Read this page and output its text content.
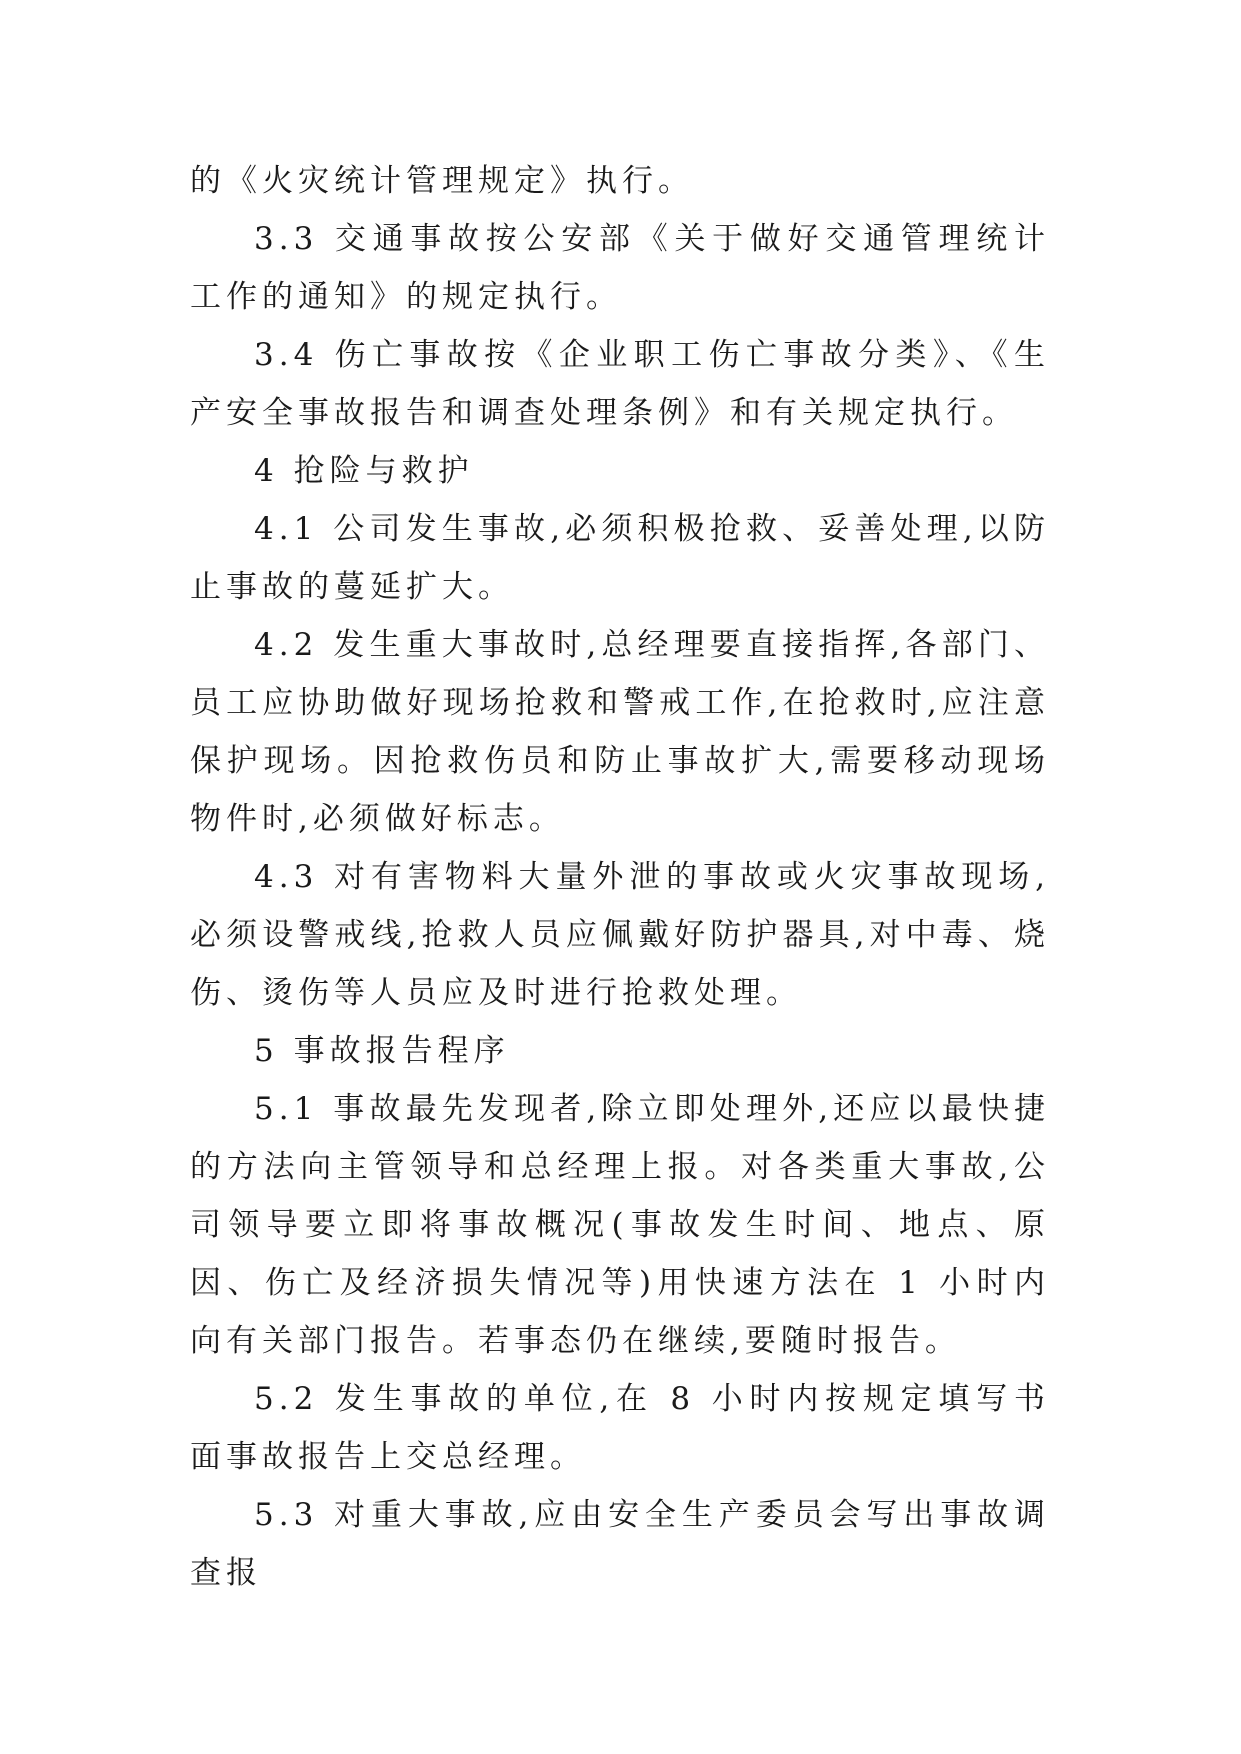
的《火灾统计管理规定》执行。

3.3 交通事故按公安部《关于做好交通管理统计工作的通知》的规定执行。

3.4 伤亡事故按《企业职工伤亡事故分类》、《生产安全事故报告和调查处理条例》和有关规定执行。

4 抢险与救护

4.1 公司发生事故,必须积极抢救、妥善处理,以防止事故的蔓延扩大。

4.2 发生重大事故时,总经理要直接指挥,各部门、员工应协助做好现场抢救和警戒工作,在抢救时,应注意保护现场。因抢救伤员和防止事故扩大,需要移动现场物件时,必须做好标志。

4.3 对有害物料大量外泄的事故或火灾事故现场,必须设警戒线,抢救人员应佩戴好防护器具,对中毒、烧伤、烫伤等人员应及时进行抢救处理。

5 事故报告程序

5.1 事故最先发现者,除立即处理外,还应以最快捷的方法向主管领导和总经理上报。对各类重大事故,公司领导要立即将事故概况(事故发生时间、地点、原因、伤亡及经济损失情况等)用快速方法在 1 小时内向有关部门报告。若事态仍在继续,要随时报告。

5.2 发生事故的单位,在 8 小时内按规定填写书面事故报告上交总经理。

5.3 对重大事故,应由安全生产委员会写出事故调查报
